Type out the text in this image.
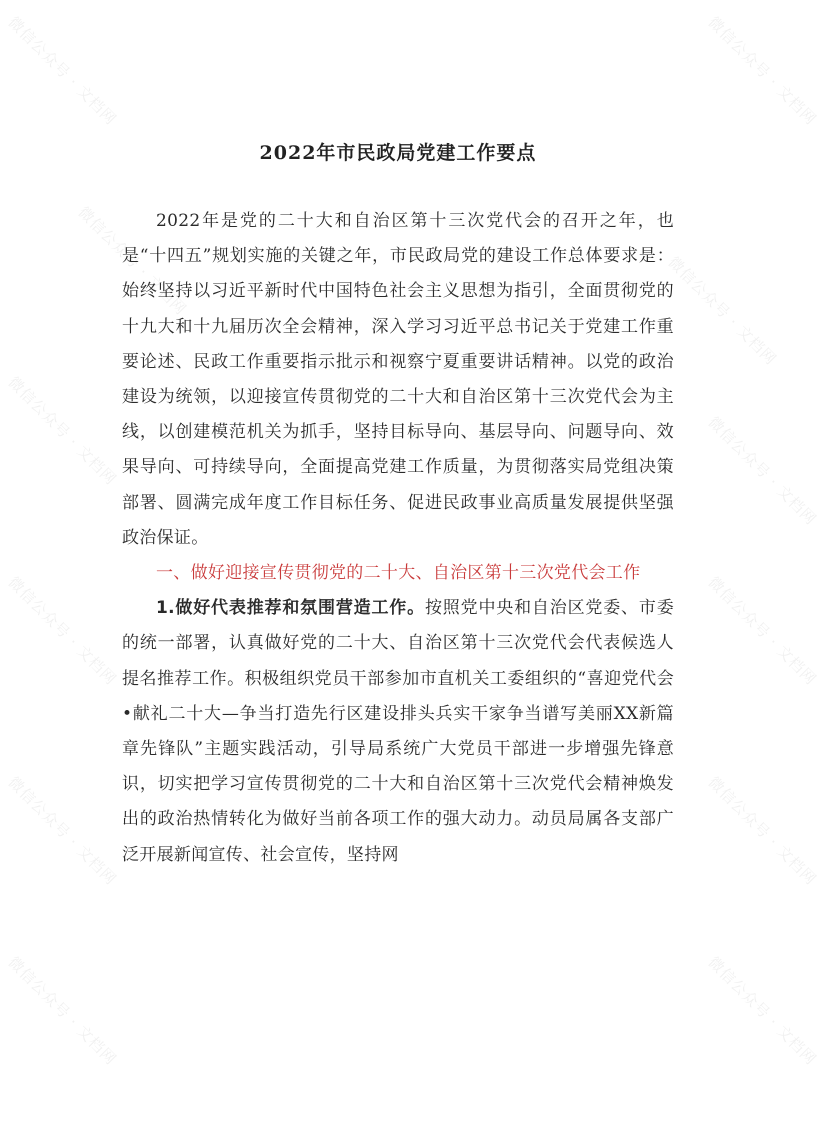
微信公众号 · 文档网	微信公众号 · 文档网
微信公众号 · 文档网	微信公众号 · 文档网
微信公众号 · 文档网	微信公众号 · 文档网
微信公众号 · 文档网	微信公众号 · 文档网
微信公众号 · 文档网	微信公众号 · 文档网
微信公众号 · 文档网	微信公众号 · 文档网
2022年市民政局党建工作要点

2022年是党的二十大和自治区第十三次党代会的召开之年，也是“十四五”规划实施的关键之年，市民政局党的建设工作总体要求是：始终坚持以习近平新时代中国特色社会主义思想为指引，全面贯彻党的十九大和十九届历次全会精神，深入学习习近平总书记关于党建工作重要论述、民政工作重要指示批示和视察宁夏重要讲话精神。以党的政治建设为统领，以迎接宣传贯彻党的二十大和自治区第十三次党代会为主线，以创建模范机关为抓手，坚持目标导向、基层导向、问题导向、效果导向、可持续导向，全面提高党建工作质量，为贯彻落实局党组决策部署、圆满完成年度工作目标任务、促进民政事业高质量发展提供坚强政治保证。

一、做好迎接宣传贯彻党的二十大、自治区第十三次党代会工作

1.做好代表推荐和氛围营造工作。按照党中央和自治区党委、市委的统一部署，认真做好党的二十大、自治区第十三次党代会代表候选人提名推荐工作。积极组织党员干部参加市直机关工委组织的“喜迎党代会•献礼二十大—争当打造先行区建设排头兵实干家争当谱写美丽XX新篇章先锋队”主题实践活动，引导局系统广大党员干部进一步增强先锋意识，切实把学习宣传贯彻党的二十大和自治区第十三次党代会精神焕发出的政治热情转化为做好当前各项工作的强大动力。动员局属各支部广泛开展新闻宣传、社会宣传，坚持网
